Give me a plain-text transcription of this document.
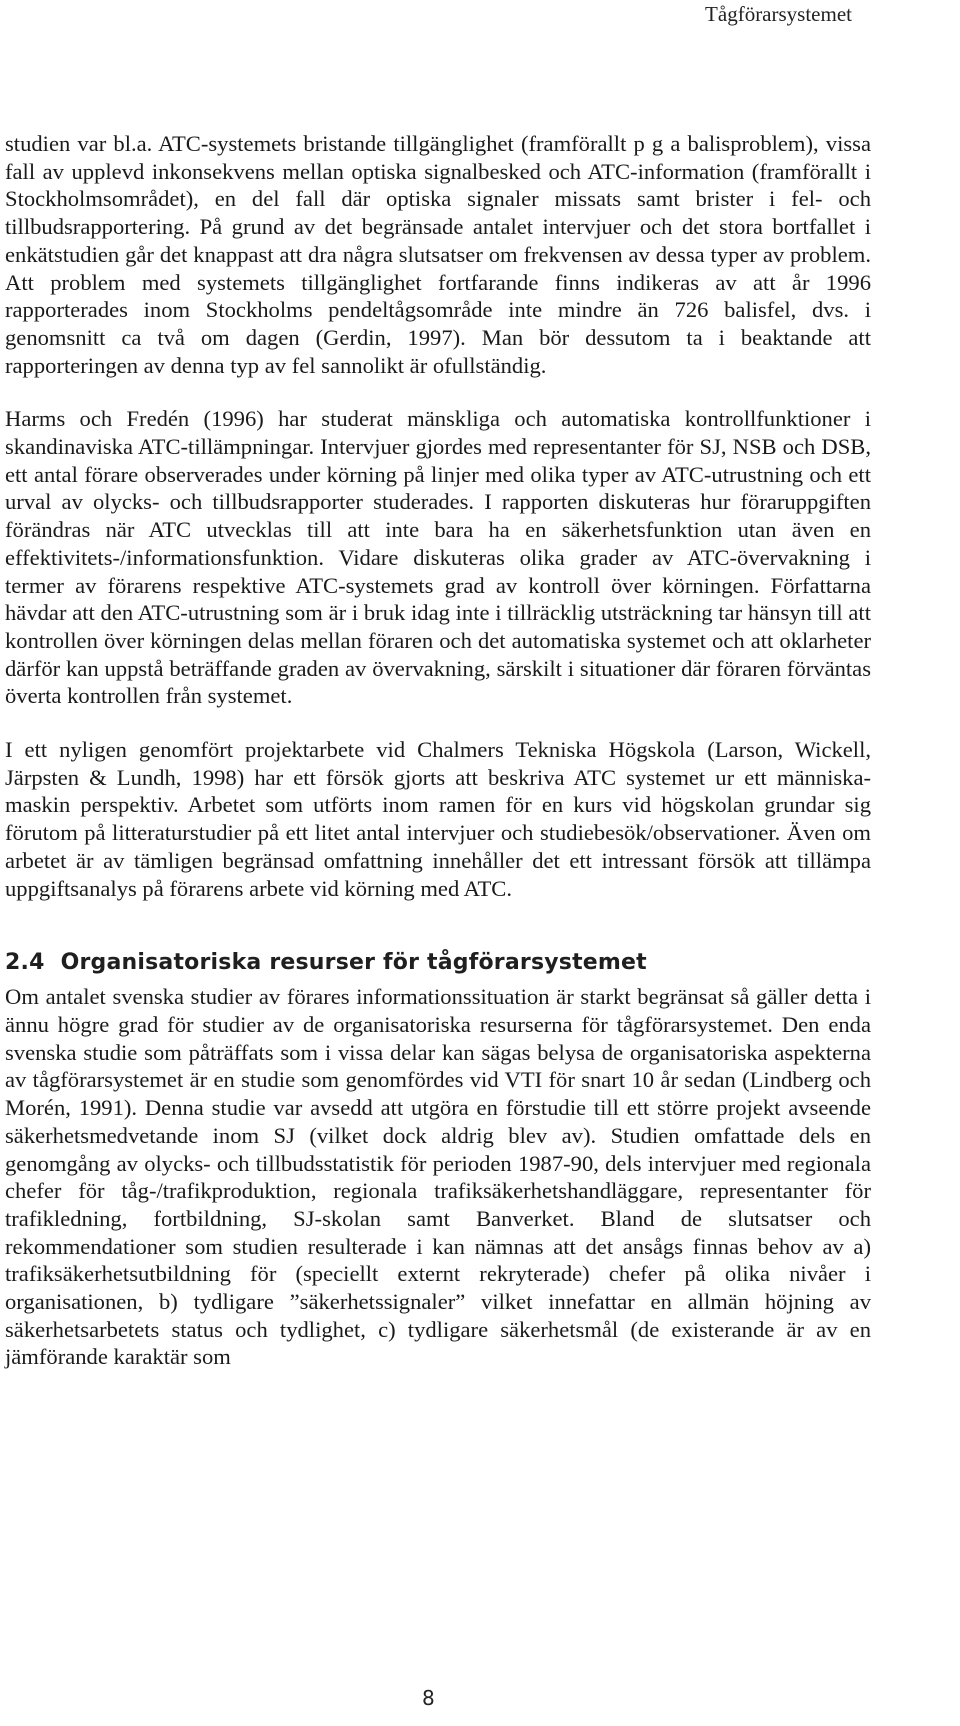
Tågförarsystemet

studien var bl.a. ATC-systemets bristande tillgänglighet (framförallt p g a balisproblem), vissa fall av upplevd inkonsekvens mellan optiska signalbesked och ATC-information (framförallt i Stockholmsområdet), en del fall där optiska signaler missats samt brister i fel- och tillbudsrapportering. På grund av det begränsade antalet intervjuer och det stora bortfallet i enkätstudien går det knappast att dra några slutsatser om frekvensen av dessa typer av problem. Att problem med systemets tillgänglighet fortfarande finns indikeras av att år 1996 rapporterades inom Stockholms pendeltågsområde inte mindre än 726 balisfel, dvs. i genomsnitt ca två om dagen (Gerdin, 1997). Man bör dessutom ta i beaktande att rapporteringen av denna typ av fel sannolikt är ofullständig.

Harms och Fredén (1996) har studerat mänskliga och automatiska kontrollfunktioner i skandinaviska ATC-tillämpningar. Intervjuer gjordes med representanter för SJ, NSB och DSB, ett antal förare observerades under körning på linjer med olika typer av ATC-utrustning och ett urval av olycks- och tillbudsrapporter studerades. I rapporten diskuteras hur föraruppgiften förändras när ATC utvecklas till att inte bara ha en säkerhetsfunktion utan även en effektivitets-/informationsfunktion. Vidare diskuteras olika grader av ATC-övervakning i termer av förarens respektive ATC-systemets grad av kontroll över körningen. Författarna hävdar att den ATC-utrustning som är i bruk idag inte i tillräcklig utsträckning tar hänsyn till att kontrollen över körningen delas mellan föraren och det automatiska systemet och att oklarheter därför kan uppstå beträffande graden av övervakning, särskilt i situationer där föraren förväntas överta kontrollen från systemet.

I ett nyligen genomfört projektarbete vid Chalmers Tekniska Högskola (Larson, Wickell, Järpsten & Lundh, 1998) har ett försök gjorts att beskriva ATC systemet ur ett människa-maskin perspektiv. Arbetet som utförts inom ramen för en kurs vid högskolan grundar sig förutom på litteraturstudier på ett litet antal intervjuer och studiebesök/observationer. Även om arbetet är av tämligen begränsad omfattning innehåller det ett intressant försök att tillämpa uppgiftsanalys på förarens arbete vid körning med ATC.

2.4 Organisatoriska resurser för tågförarsystemet

Om antalet svenska studier av förares informationssituation är starkt begränsat så gäller detta i ännu högre grad för studier av de organisatoriska resurserna för tågförarsystemet. Den enda svenska studie som påträffats som i vissa delar kan sägas belysa de organisatoriska aspekterna av tågförarsystemet är en studie som genomfördes vid VTI för snart 10 år sedan (Lindberg och Morén, 1991). Denna studie var avsedd att utgöra en förstudie till ett större projekt avseende säkerhetsmedvetande inom SJ (vilket dock aldrig blev av). Studien omfattade dels en genomgång av olycks- och tillbudsstatistik för perioden 1987-90, dels intervjuer med regionala chefer för tåg-/trafikproduktion, regionala trafiksäkerhetshandläggare, representanter för trafikledning, fortbildning, SJ-skolan samt Banverket. Bland de slutsatser och rekommendationer som studien resulterade i kan nämnas att det ansågs finnas behov av a) trafiksäkerhetsutbildning för (speciellt externt rekryterade) chefer på olika nivåer i organisationen, b) tydligare ”säkerhetssignaler” vilket innefattar en allmän höjning av säkerhetsarbetets status och tydlighet, c) tydligare säkerhetsmål (de existerande är av en jämförande karaktär som

8
